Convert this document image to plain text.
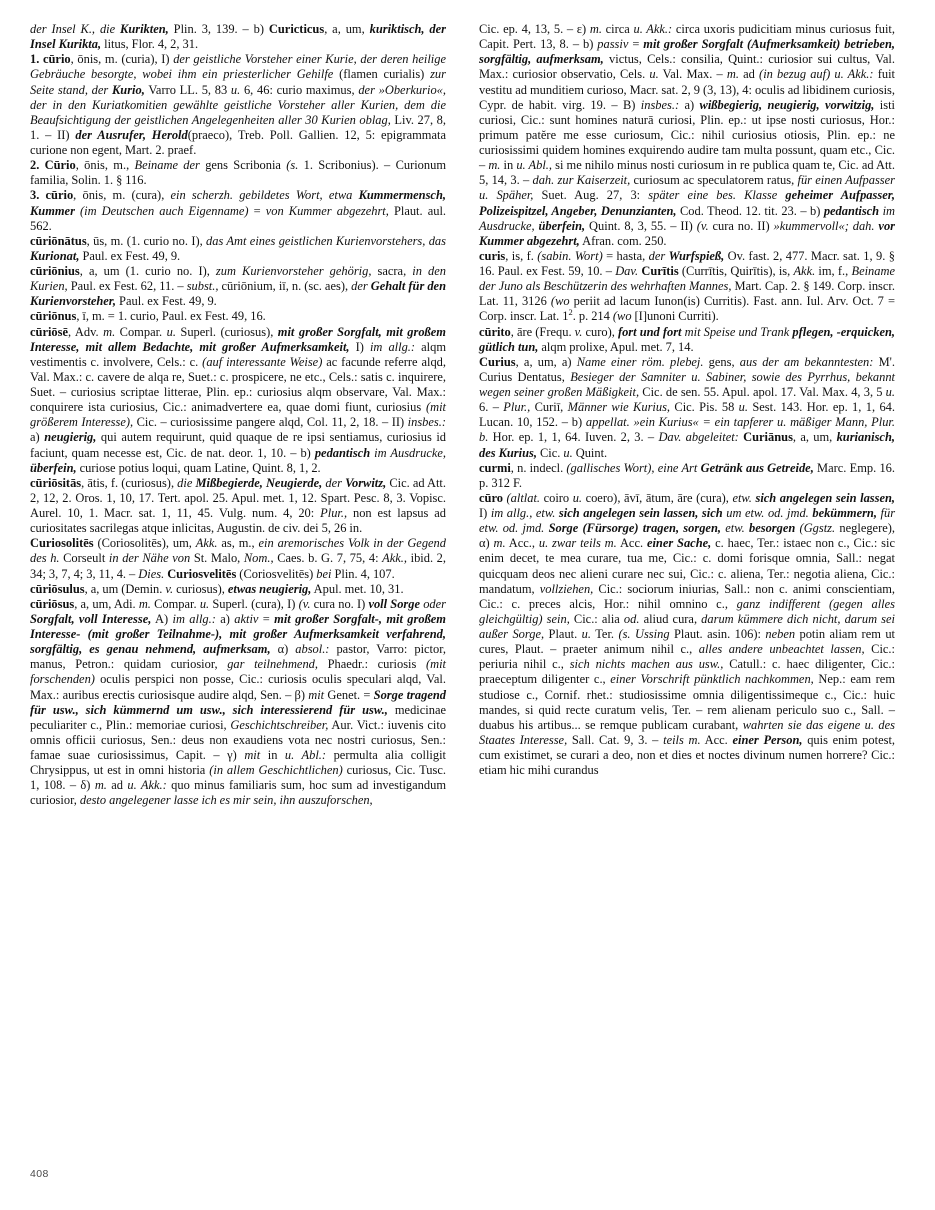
der Insel K., die Kurikten, Plin. 3, 139. – b) Curicticus, a, um, kuriktisch, der Insel Kurikta, litus, Flor. 4, 2, 31.

1. cūrio, ōnis, m. (curia), I) der geistliche Vorsteher einer Kurie, der deren heilige Gebräuche besorgte, wobei ihm ein priesterlicher Gehilfe (flamen curialis) zur Seite stand, der Kurio, Varro LL. 5, 83 u. 6, 46: curio maximus, der »Oberkurio«, der in den Kuriatkomitien gewählte geistliche Vorsteher aller Kurien, dem die Beaufsichtigung der geistlichen Angelegenheiten aller 30 Kurien oblag, Liv. 27, 8, 1. – II) der Ausrufer, Herold(praeco), Treb. Poll. Gallien. 12, 5: epigrammata curione non egent, Mart. 2. praef.

2. Cūrio, ōnis, m., Beiname der gens Scribonia (s. 1. Scribonius). – Curionum familia, Solin. 1. § 116.

3. cūrio, ōnis, m. (cura), ein scherzh. gebildetes Wort, etwa Kummermensch, Kummer (im Deutschen auch Eigenname) = von Kummer abgezehrt, Plaut. aul. 562.

cūriōnātus, ūs, m. (1. curio no. I), das Amt eines geistlichen Kurienvorstehers, das Kurionat, Paul. ex Fest. 49, 9.

cūriōnius, a, um (1. curio no. I), zum Kurienvorsteher gehörig, sacra, in den Kurien, Paul. ex Fest. 62, 11. – subst., cūriōnium, iī, n. (sc. aes), der Gehalt für den Kurienvorsteher, Paul. ex Fest. 49, 9.

cūriōnus, ī, m. = 1. curio, Paul. ex Fest. 49, 16.

cūriōsē, Adv. m. Compar. u. Superl. (curiosus), mit großer Sorgfalt, mit großem Interesse, mit allem Bedachte, mit großer Aufmerksamkeit, I) im allg.: alqm vestimentis c. involvere, Cels.: c. (auf interessante Weise) ac facunde referre alqd, Val. Max.: c. cavere de alqa re, Suet.: c. prospicere, ne etc., Cels.: satis c. inquirere, Suet. – curiosius scriptae litterae, Plin. ep.: curiosius alqm observare, Val. Max.: conquirere ista curiosius, Cic.: animadvertere ea, quae domi fiunt, curiosius (mit größerem Interesse), Cic. – curiosissime pangere alqd, Col. 11, 2, 18. – II) insbes.: a) neugierig, qui autem requirunt, quid quaque de re ipsi sentiamus, curiosius id faciunt, quam necesse est, Cic. de nat. deor. 1, 10. – b) pedantisch im Ausdrucke, überfein, curiose potius loqui, quam Latine, Quint. 8, 1, 2.

cūriōsitās, ātis, f. (curiosus), die Mißbegierde, Neugierde, der Vorwitz, Cic. ad Att. 2, 12, 2. Oros. 1, 10, 17. Tert. apol. 25. Apul. met. 1, 12. Spart. Pesc. 8, 3. Vopisc. Aurel. 10, 1. Macr. sat. 1, 11, 45. Vulg. num. 4, 20: Plur., non est lapsus ad curiositates sacrilegas atque inlicitas, Augustin. de civ. dei 5, 26 in.

Curiosolitēs (Coriosolitēs), um, Akk. as, m., ein aremorisches Volk in der Gegend des h. Corseult in der Nähe von St. Malo, Nom., Caes. b. G. 7, 75, 4: Akk., ibid. 2, 34; 3, 7, 4; 3, 11, 4. – Dies. Curiosvelitēs (Coriosvelitēs) bei Plin. 4, 107.

cūriōsulus, a, um (Demin. v. curiosus), etwas neugierig, Apul. met. 10, 31.

cūriōsus, a, um, Adi. m. Compar. u. Superl. (cura), I) (v. cura no. I) voll Sorge oder Sorgfalt, voll Interesse, A) im allg.: a) aktiv = mit großer Sorgfalt-, mit großem Interesse- (mit großer Teilnahme-), mit großer Aufmerksamkeit verfahrend, sorgfältig, es genau nehmend, aufmerksam, α) absol.: pastor, Varro: pictor, manus, Petron.: quidam curiosior, gar teilnehmend, Phaedr.: curiosis (mit forschenden) oculis perspici non posse, Cic.: curiosis oculis speculari alqd, Val. Max.: auribus erectis curiosisque audire alqd, Sen. – β) mit Genet. = Sorge tragend für usw., sich kümmernd um usw., sich interessierend für usw., medicinae peculiariter c., Plin.: memoriae curiosi, Geschichtschreiber, Aur. Vict.: iuvenis cito omnis officii curiosus, Sen.: deus non exaudiens vota nec nostri curiosus, Sen.: famae suae curiosissimus, Capit. – γ) mit in u. Abl.: permulta alia colligit Chrysippus, ut est in omni historia (in allem Geschichtlichen) curiosus, Cic. Tusc. 1, 108. – δ) m. ad u. Akk.: quo minus familiaris sum, hoc sum ad investigandum curiosior, desto angelegener lasse ich es mir sein, ihn auszuforschen,

Cic. ep. 4, 13, 5. – ε) m. circa u. Akk.: circa uxoris pudicitiam minus curiosus fuit, Capit. Pert. 13, 8. – b) passiv = mit großer Sorgfalt (Aufmerksamkeit) betrieben, sorgfältig, aufmerksam, victus, Cels.: consilia, Quint.: curiosior sui cultus, Val. Max.: curiosior observatio, Cels. u. Val. Max. – m. ad (in bezug auf) u. Akk.: fuit vestitu ad munditiem curioso, Macr. sat. 2, 9 (3, 13), 4: oculis ad libidinem curiosis, Cypr. de habit. virg. 19. – B) insbes.: a) wißbegierig, neugierig, vorwitzig, isti curiosi, Cic.: sunt homines naturā curiosi, Plin. ep.: ut ipse nosti curiosus, Hor.: primum patĕre me esse curiosum, Cic.: nihil curiosius otiosis, Plin. ep.: ne curiosissimi quidem homines exquirendo audire tam multa possunt, quam etc., Cic. – m. in u. Abl., si me nihilo minus nosti curiosum in re publica quam te, Cic. ad Att. 5, 14, 3. – dah. zur Kaiserzeit, curiosum ac speculatorem ratus, für einen Aufpasser u. Späher, Suet. Aug. 27, 3: später eine bes. Klasse geheimer Aufpasser, Polizeispitzel, Angeber, Denunzianten, Cod. Theod. 12. tit. 23. – b) pedantisch im Ausdrucke, überfein, Quint. 8, 3, 55. – II) (v. cura no. II) »kummervoll«; dah. vor Kummer abgezehrt, Afran. com. 250.

curis, is, f. (sabin. Wort) = hasta, der Wurfspieß, Ov. fast. 2, 477. Macr. sat. 1, 9. § 16. Paul. ex Fest. 59, 10. – Dav. Curītis (Currītis, Quirītis), is, Akk. im, f., Beiname der Juno als Beschützerin des wehrhaften Mannes, Mart. Cap. 2. § 149. Corp. inscr. Lat. 11, 3126 (wo periit ad lacum Iunon(is) Curritis). Fast. ann. Iul. Arv. Oct. 7 = Corp. inscr. Lat. $1^2$. p. 214 (wo [I]unoni Curriti).

cūrito, āre (Frequ. v. curo), fort und fort mit Speise und Trank pflegen, -erquicken, gütlich tun, alqm prolixe, Apul. met. 7, 14.

Curius, a, um, a) Name einer röm. plebej. gens, aus der am bekanntesten: M'. Curius Dentatus, Besieger der Samniter u. Sabiner, sowie des Pyrrhus, bekannt wegen seiner großen Mäßigkeit, Cic. de sen. 55. Apul. apol. 17. Val. Max. 4, 3, 5 u. 6. – Plur., Curiī, Männer wie Kurius, Cic. Pis. 58 u. Sest. 143. Hor. ep. 1, 1, 64. Lucan. 10, 152. – b) appellat. »ein Kurius« = ein tapferer u. mäßiger Mann, Plur. b. Hor. ep. 1, 1, 64. Iuven. 2, 3. – Dav. abgeleitet: Curiānus, a, um, kurianisch, des Kurius, Cic. u. Quint.

curmi, n. indecl. (gallisches Wort), eine Art Getränk aus Getreide, Marc. Emp. 16. p. 312 F.

cūro (altlat. coiro u. coero), āvī, ātum, āre (cura), etw. sich angelegen sein lassen, I) im allg., etw. sich angelegen sein lassen, sich um etw. od. jmd. bekümmern, für etw. od. jmd. Sorge (Fürsorge) tragen, sorgen, etw. besorgen (Ggstz. neglegere), α) m. Acc., u. zwar teils m. Acc. einer Sache, c. haec, Ter.: istaec non c., Cic.: sic enim decet, te mea curare, tua me, Cic.: c. domi forisque omnia, Sall.: negat quicquam deos nec alieni curare nec sui, Cic.: c. aliena, Ter.: negotia aliena, Cic.: mandatum, vollziehen, Cic.: sociorum iniurias, Sall.: non c. animi conscientiam, Cic.: c. preces alcis, Hor.: nihil omnino c., ganz indifferent (gegen alles gleichgültig) sein, Cic.: alia od. aliud cura, darum kümmere dich nicht, darum sei außer Sorge, Plaut. u. Ter. (s. Ussing Plaut. asin. 106): neben potin aliam rem ut cures, Plaut. – praeter animum nihil c., alles andere unbeachtet lassen, Cic.: periuria nihil c., sich nichts machen aus usw., Catull.: c. haec diligenter, Cic.: praeceptum diligenter c., einer Vorschrift pünktlich nachkommen, Nep.: eam rem studiose c., Cornif. rhet.: studiosissime omnia diligentissimeque c., Cic.: huic mandes, si quid recte curatum velis, Ter. – rem alienam periculo suo c., Sall. – duabus his artibus... se remque publicam curabant, wahrten sie das eigene u. des Staates Interesse, Sall. Cat. 9, 3. – teils m. Acc. einer Person, quis enim potest, cum existimet, se curari a deo, non et dies et noctes divinum numen horrere? Cic.: etiam hic mihi curandus

408
